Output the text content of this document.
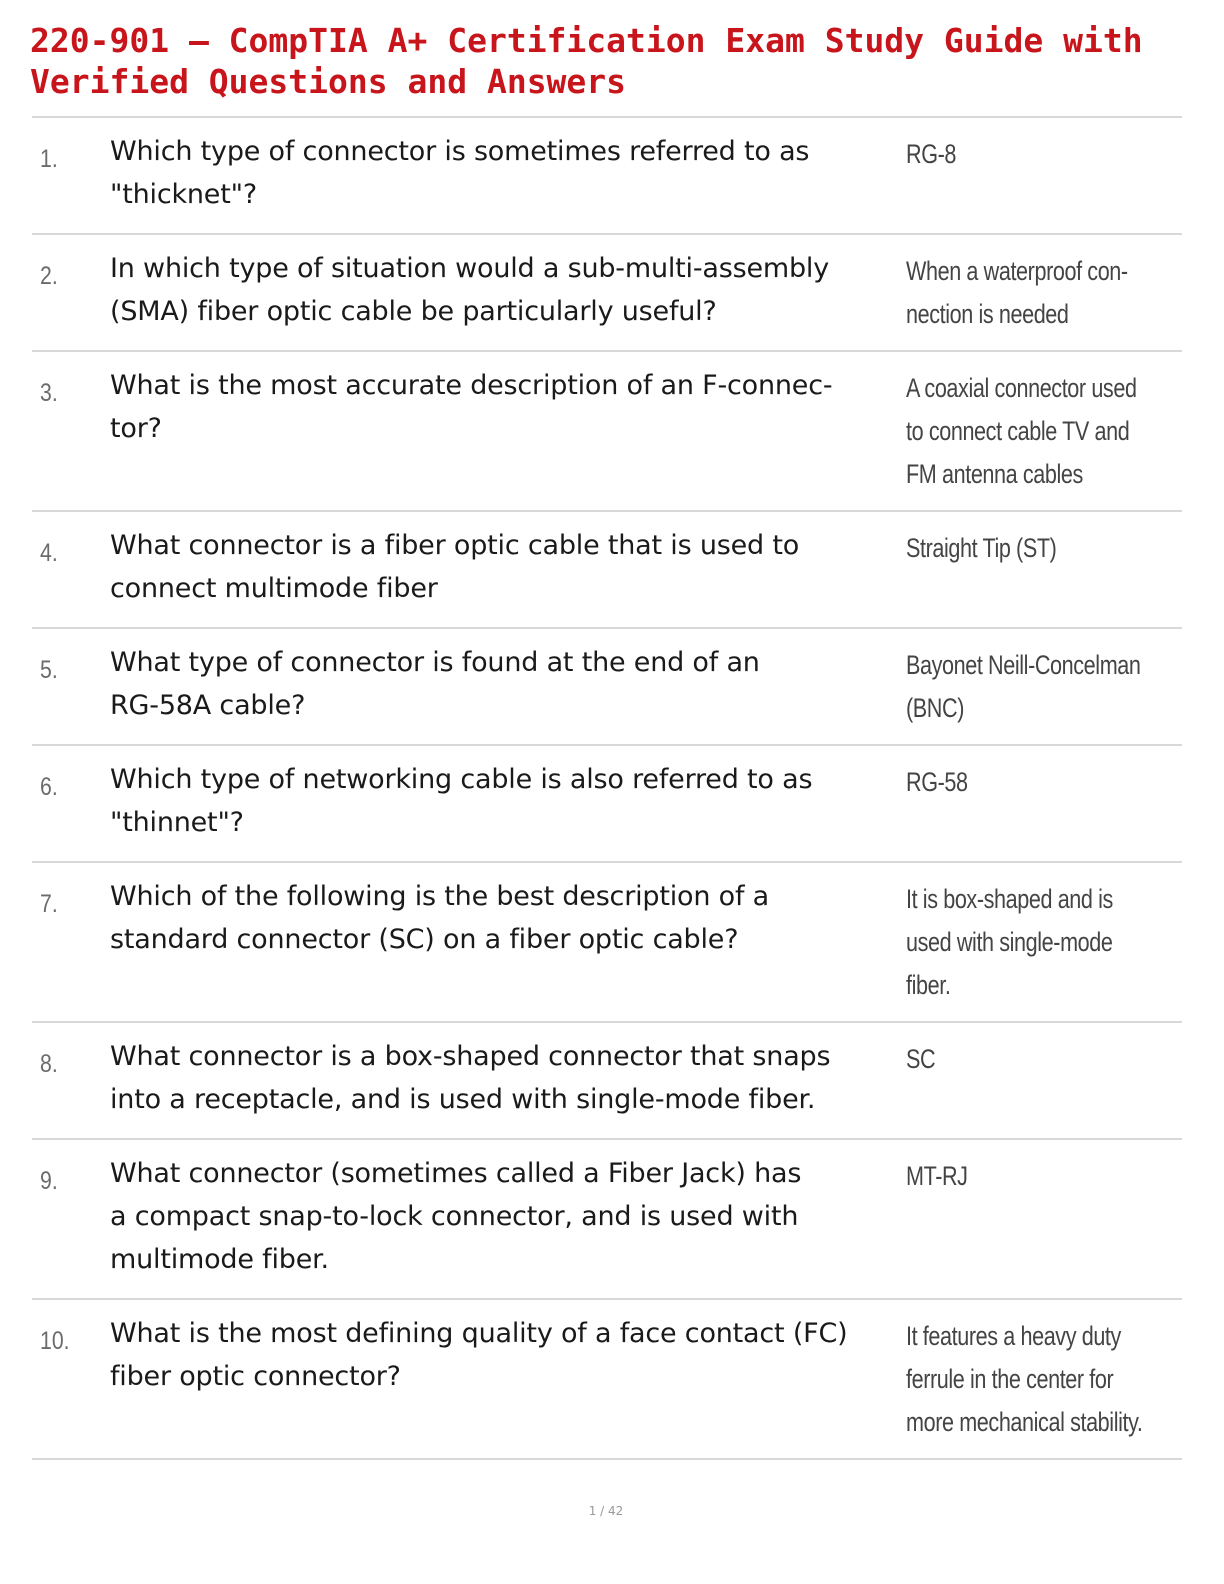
220-901 – CompTIA A+ Certification Exam Study Guide with
Verified Questions and Answers
1. Which type of connector is sometimes referred to as
"thicknet"?
RG-8
2. In which type of situation would a sub-multi-assembly
(SMA) fiber optic cable be particularly useful?
When a waterproof con-
nection is needed
3. What is the most accurate description of an F-connec-
tor?
A coaxial connector used
to connect cable TV and
FM antenna cables
4. What connector is a fiber optic cable that is used to
connect multimode fiber
Straight Tip (ST)
5. What type of connector is found at the end of an
RG-58A cable?
Bayonet Neill-Concelman
(BNC)
6. Which type of networking cable is also referred to as
"thinnet"?
RG-58
7. Which of the following is the best description of a
standard connector (SC) on a fiber optic cable?
It is box-shaped and is
used with single-mode
fiber.
8. What connector is a box-shaped connector that snaps
into a receptacle, and is used with single-mode fiber.
SC
9. What connector (sometimes called a Fiber Jack) has
a compact snap-to-lock connector, and is used with
multimode fiber.
MT-RJ
10. What is the most defining quality of a face contact (FC)
fiber optic connector?
It features a heavy duty
ferrule in the center for
more mechanical stability.
1 / 42
